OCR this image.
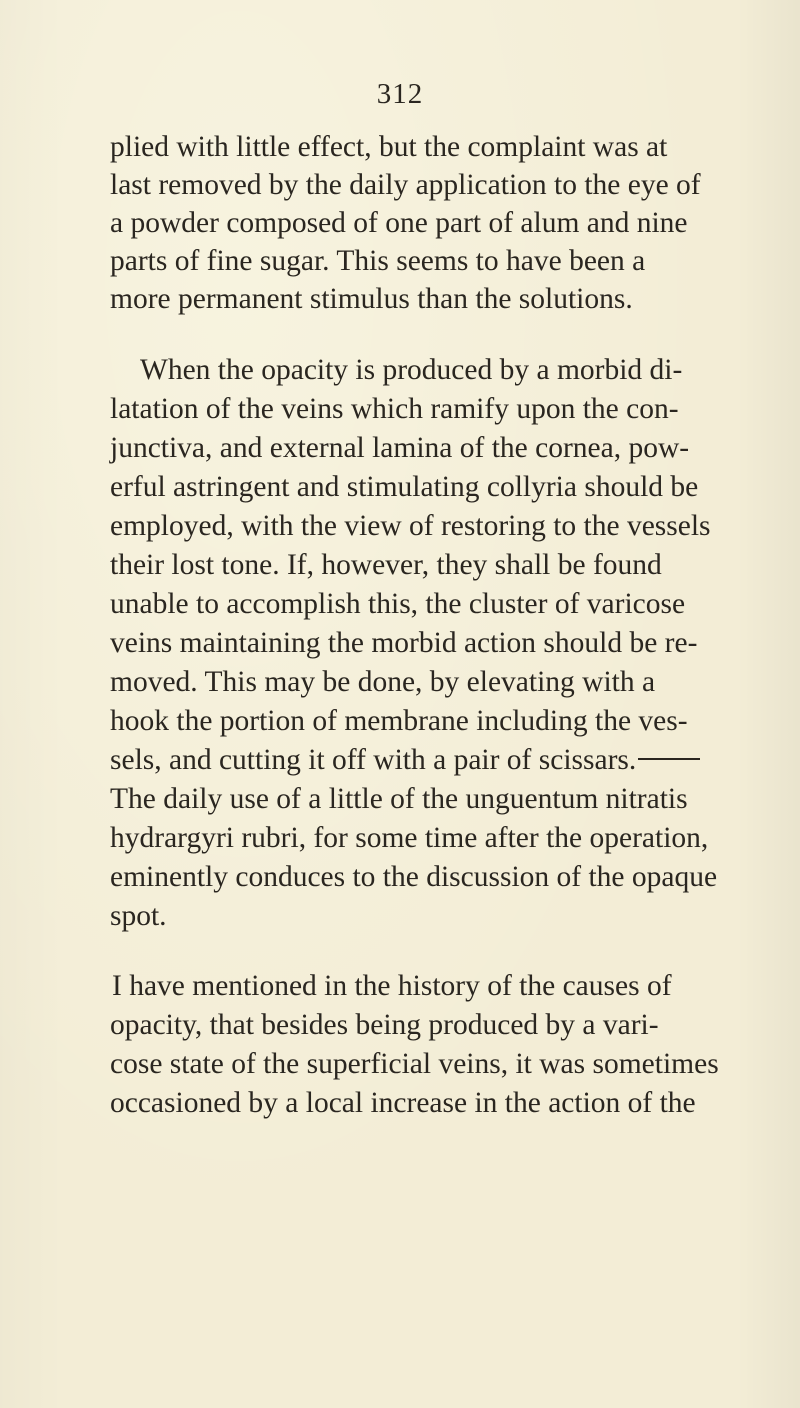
312
plied with little effect, but the complaint was at
last removed by the daily application to the eye of
a powder composed of one part of alum and nine
parts of fine sugar. This seems to have been a
more permanent stimulus than the solutions.
When the opacity is produced by a morbid di-
latation of the veins which ramify upon the con-
junctiva, and external lamina of the cornea, pow-
erful astringent and stimulating collyria should be
employed, with the view of restoring to the vessels
their lost tone. If, however, they shall be found
unable to accomplish this, the cluster of varicose
veins maintaining the morbid action should be re-
moved. This may be done, by elevating with a
hook the portion of membrane including the ves-
sels, and cutting it off with a pair of scissars.
The daily use of a little of the unguentum nitratis
hydrargyri rubri, for some time after the operation,
eminently conduces to the discussion of the opaque
spot.
I have mentioned in the history of the causes of
opacity, that besides being produced by a vari-
cose state of the superficial veins, it was sometimes
occasioned by a local increase in the action of the
